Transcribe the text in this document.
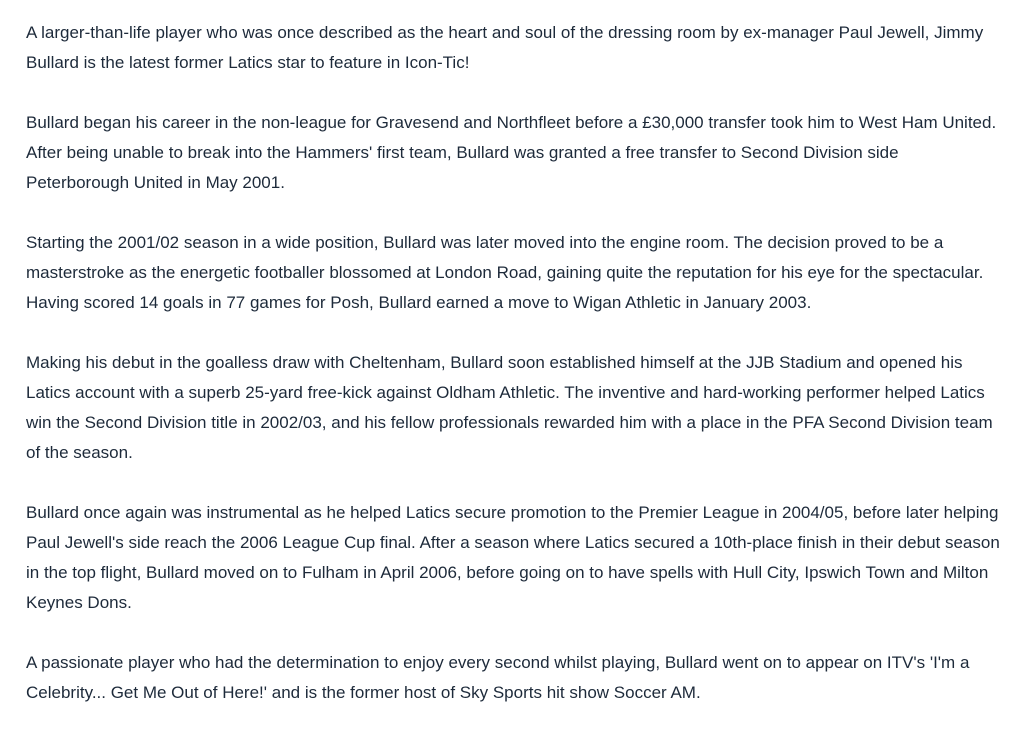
A larger-than-life player who was once described as the heart and soul of the dressing room by ex-manager Paul Jewell, Jimmy Bullard is the latest former Latics star to feature in Icon-Tic!

Bullard began his career in the non-league for Gravesend and Northfleet before a £30,000 transfer took him to West Ham United. After being unable to break into the Hammers' first team, Bullard was granted a free transfer to Second Division side Peterborough United in May 2001.

Starting the 2001/02 season in a wide position, Bullard was later moved into the engine room. The decision proved to be a masterstroke as the energetic footballer blossomed at London Road, gaining quite the reputation for his eye for the spectacular. Having scored 14 goals in 77 games for Posh, Bullard earned a move to Wigan Athletic in January 2003.

Making his debut in the goalless draw with Cheltenham, Bullard soon established himself at the JJB Stadium and opened his Latics account with a superb 25-yard free-kick against Oldham Athletic. The inventive and hard-working performer helped Latics win the Second Division title in 2002/03, and his fellow professionals rewarded him with a place in the PFA Second Division team of the season.

Bullard once again was instrumental as he helped Latics secure promotion to the Premier League in 2004/05, before later helping Paul Jewell's side reach the 2006 League Cup final. After a season where Latics secured a 10th-place finish in their debut season in the top flight, Bullard moved on to Fulham in April 2006, before going on to have spells with Hull City, Ipswich Town and Milton Keynes Dons.

A passionate player who had the determination to enjoy every second whilst playing, Bullard went on to appear on ITV's 'I'm a Celebrity... Get Me Out of Here!' and is the former host of Sky Sports hit show Soccer AM.
